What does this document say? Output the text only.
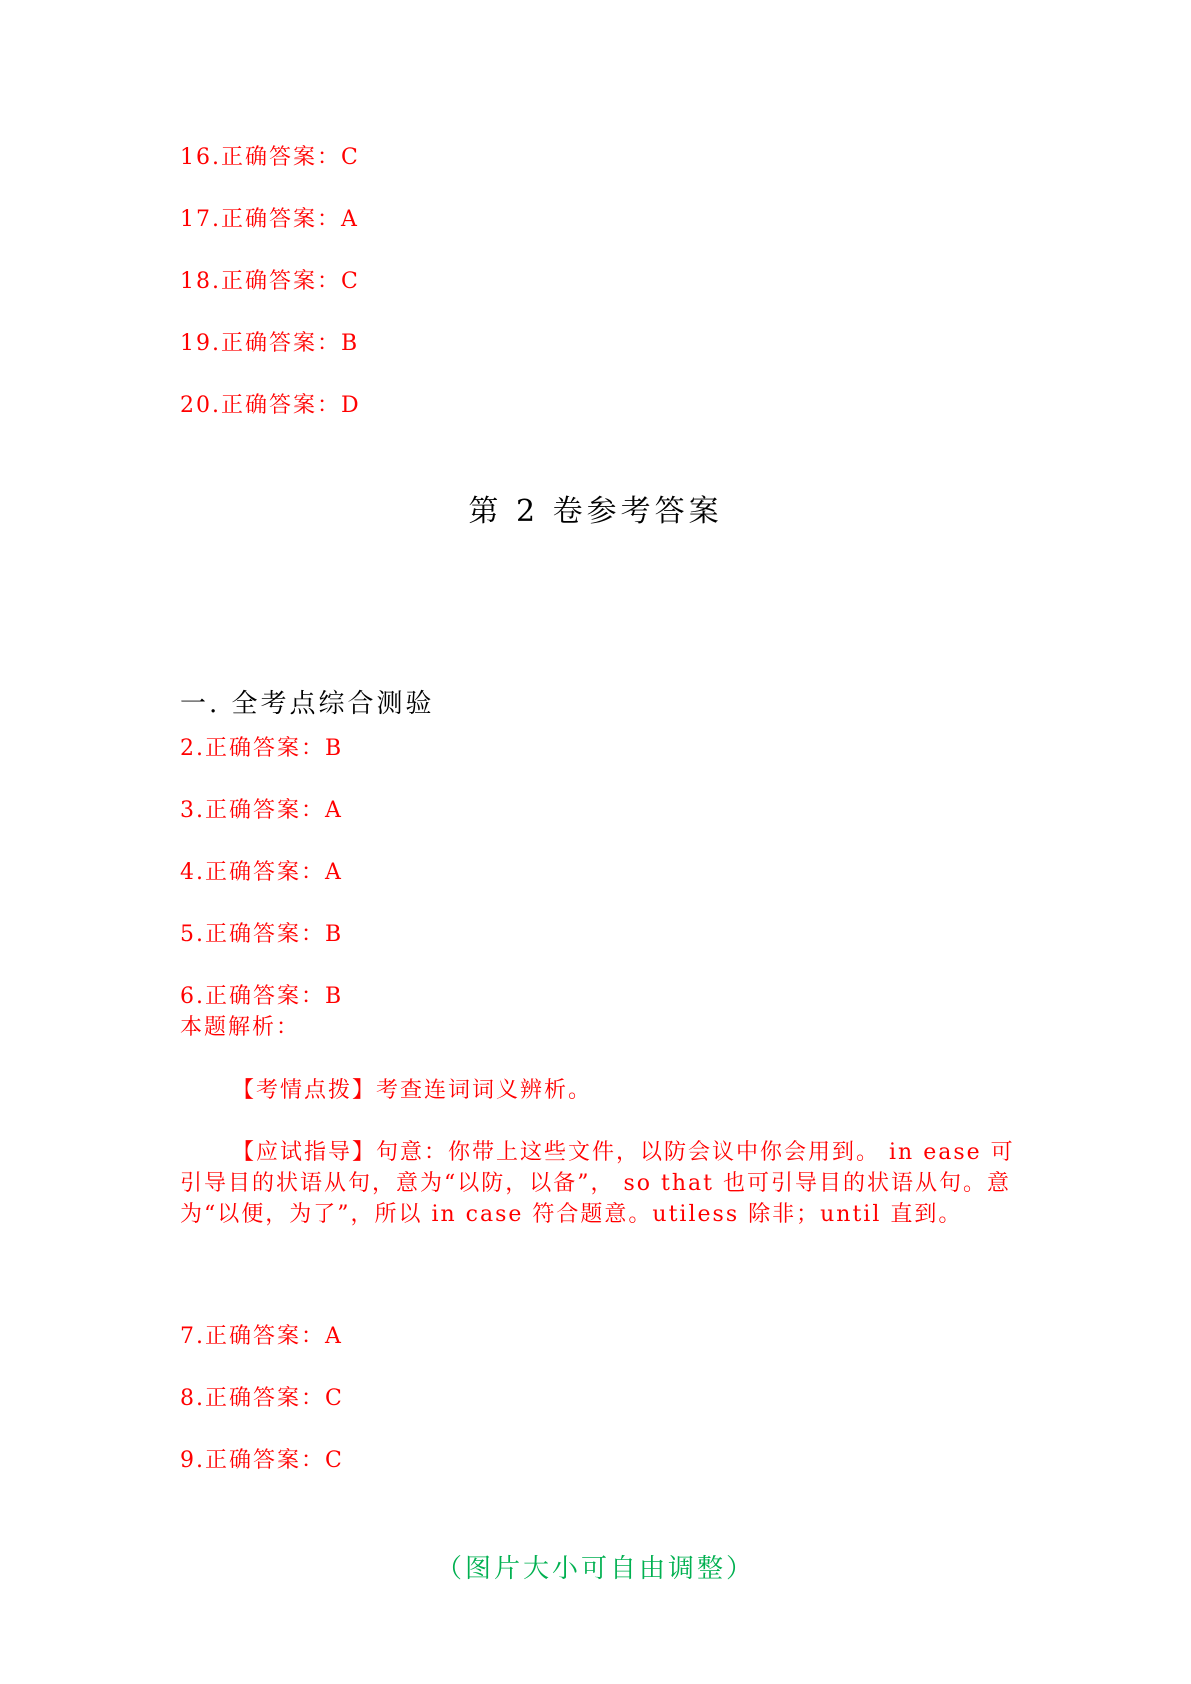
16.正确答案：C
17.正确答案：A
18.正确答案：C
19.正确答案：B
20.正确答案：D
第 2 卷参考答案
一. 全考点综合测验
2.正确答案：B
3.正确答案：A
4.正确答案：A
5.正确答案：B
6.正确答案：B
本题解析：
【考情点拨】考查连词词义辨析。
【应试指导】句意：你带上这些文件，以防会议中你会用到。 in ease 可引导目的状语从句，意为“以防，以备”， so that 也可引导目的状语从句。意为“以便，为了”，所以 in case 符合题意。utiless 除非；until 直到。
7.正确答案：A
8.正确答案：C
9.正确答案：C
（图片大小可自由调整）
